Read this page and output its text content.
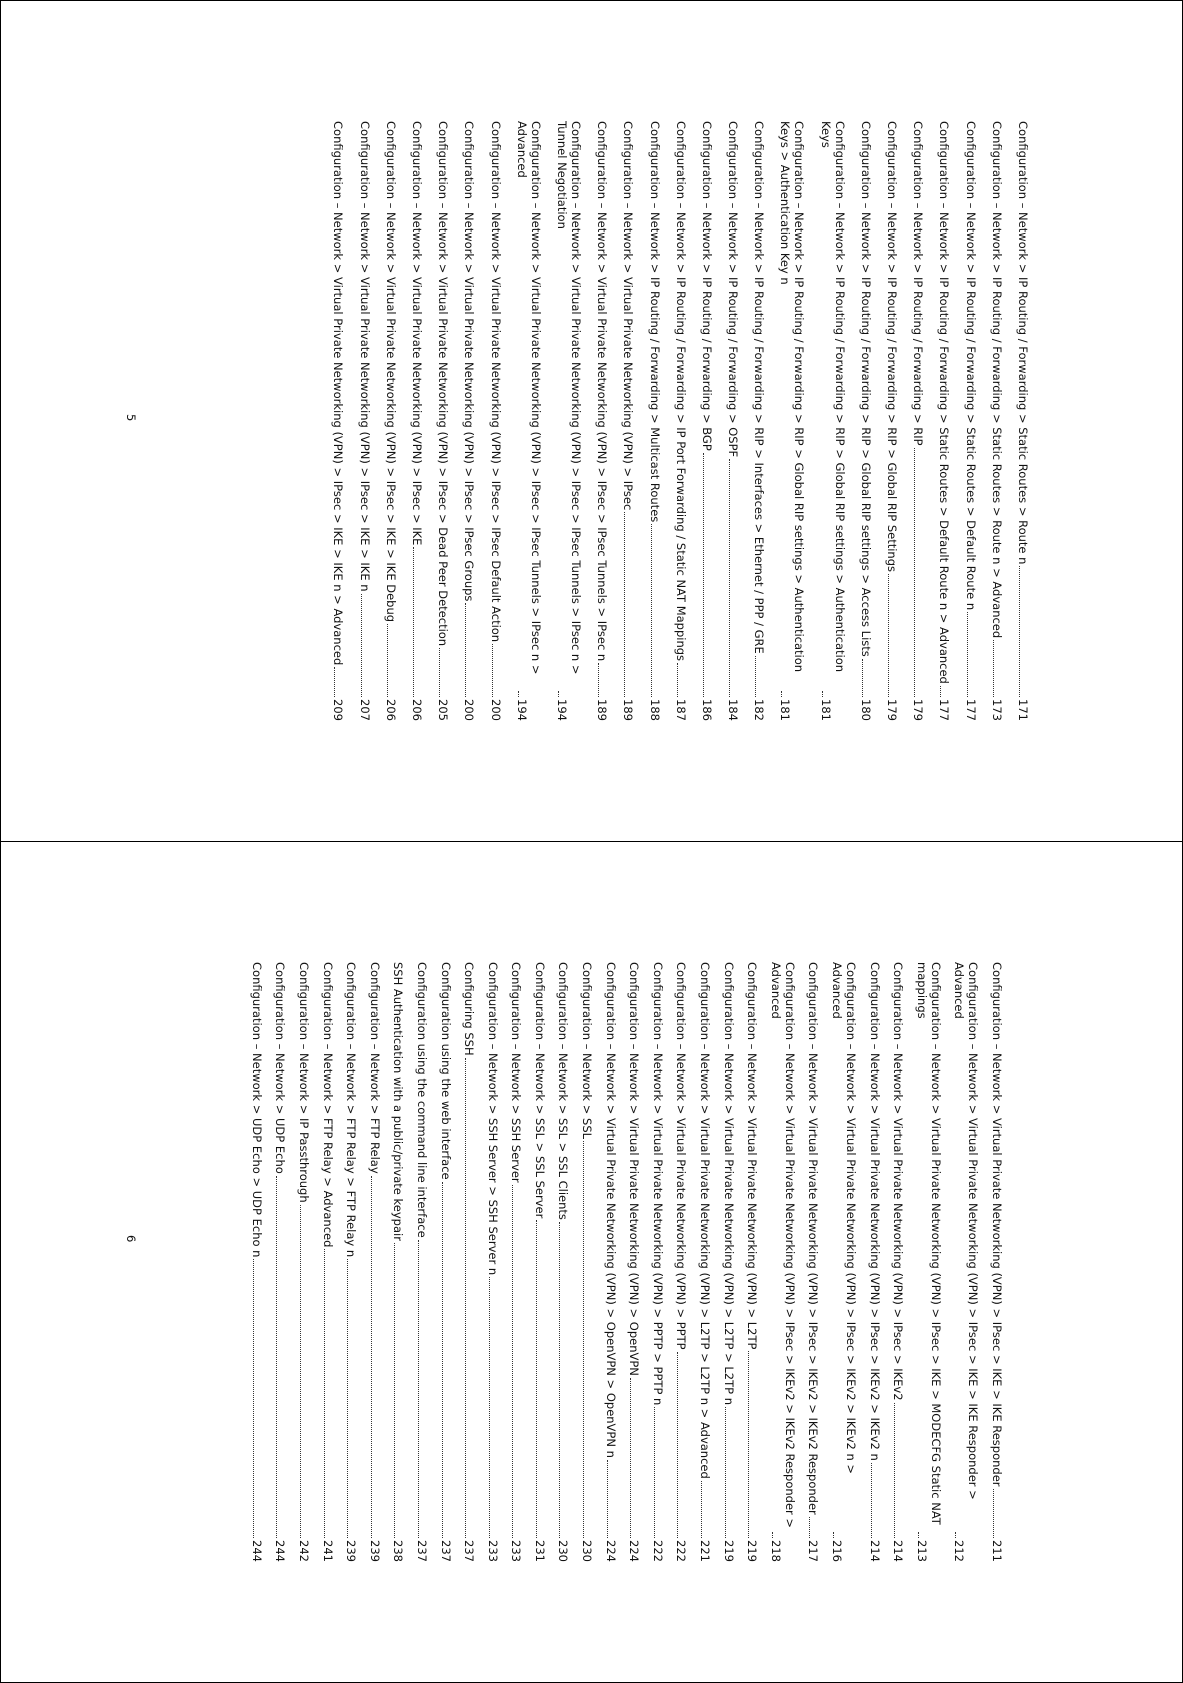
Configuration – Network > IP Routing / Forwarding > Static Routes > Route n
171
Configuration – Network > IP Routing / Forwarding > Static Routes > Route n > Advanced
173
Configuration – Network > IP Routing / Forwarding > Static Routes > Default Route n
177
Configuration – Network > IP Routing / Forwarding > Static Routes > Default Route n > Advanced
177
Configuration – Network > IP Routing / Forwarding > RIP
179
Configuration – Network > IP Routing / Forwarding > RIP > Global RIP Settings
179
Configuration – Network > IP Routing / Forwarding > RIP > Global RIP settings > Access Lists
180
Configuration – Network > IP Routing / Forwarding > RIP > Global RIP settings > Authentication Keys
181
Configuration – Network > IP Routing / Forwarding > RIP > Global RIP settings > Authentication Keys > Authentication Key n
181
Configuration – Network > IP Routing / Forwarding > RIP > Interfaces > Ethernet / PPP / GRE
182
Configuration – Network > IP Routing / Forwarding > OSPF
184
Configuration – Network > IP Routing / Forwarding > BGP
186
Configuration – Network > IP Routing / Forwarding > IP Port Forwarding / Static NAT Mappings
187
Configuration – Network > IP Routing / Forwarding > Multicast Routes
188
Configuration – Network > Virtual Private Networking (VPN) > IPsec
189
Configuration – Network > Virtual Private Networking (VPN) > IPsec > IPsec Tunnels > IPsec n
189
Configuration – Network > Virtual Private Networking (VPN) > IPsec > IPsec Tunnels > IPsec n > Tunnel Negotiation
194
Configuration – Network > Virtual Private Networking (VPN) > IPsec > IPsec Tunnels > IPsec n > Advanced
194
Configuration – Network > Virtual Private Networking (VPN) > IPsec > IPsec Default Action
200
Configuration – Network > Virtual Private Networking (VPN) > IPsec > IPsec Groups
200
Configuration – Network > Virtual Private Networking (VPN) > IPsec > Dead Peer Detection
205
Configuration – Network > Virtual Private Networking (VPN) > IPsec > IKE
206
Configuration – Network > Virtual Private Networking (VPN) > IPsec > IKE > IKE Debug
206
Configuration – Network > Virtual Private Networking (VPN) > IPsec > IKE > IKE n
207
Configuration – Network > Virtual Private Networking (VPN) > IPsec > IKE > IKE n > Advanced
209
5
Configuration – Network > Virtual Private Networking (VPN) > IPsec > IKE > IKE Responder
211
Configuration – Network > Virtual Private Networking (VPN) > IPsec > IKE > IKE Responder > Advanced
212
Configuration – Network > Virtual Private Networking (VPN) > IPsec > IKE > MODECFG Static NAT mappings
213
Configuration – Network > Virtual Private Networking (VPN) > IPsec > IKEv2
214
Configuration – Network > Virtual Private Networking (VPN) > IPsec > IKEv2 > IKEv2 n
214
Configuration – Network > Virtual Private Networking (VPN) > IPsec > IKEv2 > IKEv2 n > Advanced
216
Configuration – Network > Virtual Private Networking (VPN) > IPsec > IKEv2 > IKEv2 Responder
217
Configuration – Network > Virtual Private Networking (VPN) > IPsec > IKEv2 > IKEv2 Responder > Advanced
218
Configuration – Network > Virtual Private Networking (VPN) > L2TP
219
Configuration – Network > Virtual Private Networking (VPN) > L2TP > L2TP n
219
Configuration – Network > Virtual Private Networking (VPN) > L2TP > L2TP n > Advanced
221
Configuration – Network > Virtual Private Networking (VPN) > PPTP
222
Configuration – Network > Virtual Private Networking (VPN) > PPTP > PPTP n
222
Configuration – Network > Virtual Private Networking (VPN) > OpenVPN
224
Configuration – Network > Virtual Private Networking (VPN) > OpenVPN > OpenVPN n
224
Configuration – Network > SSL
230
Configuration – Network > SSL > SSL Clients
230
Configuration – Network > SSL > SSL Server
231
Configuration – Network > SSH Server
233
Configuration – Network > SSH Server > SSH Server n
233
Configuring SSH
237
Configuration using the web interface
237
Configuration using the command line interface
237
SSH Authentication with a public/private keypair
238
Configuration – Network > FTP Relay
239
Configuration – Network > FTP Relay > FTP Relay n
239
Configuration – Network > FTP Relay > Advanced
241
Configuration – Network > IP Passthrough
242
Configuration – Network > UDP Echo
244
Configuration – Network > UDP Echo > UDP Echo n
244
6
